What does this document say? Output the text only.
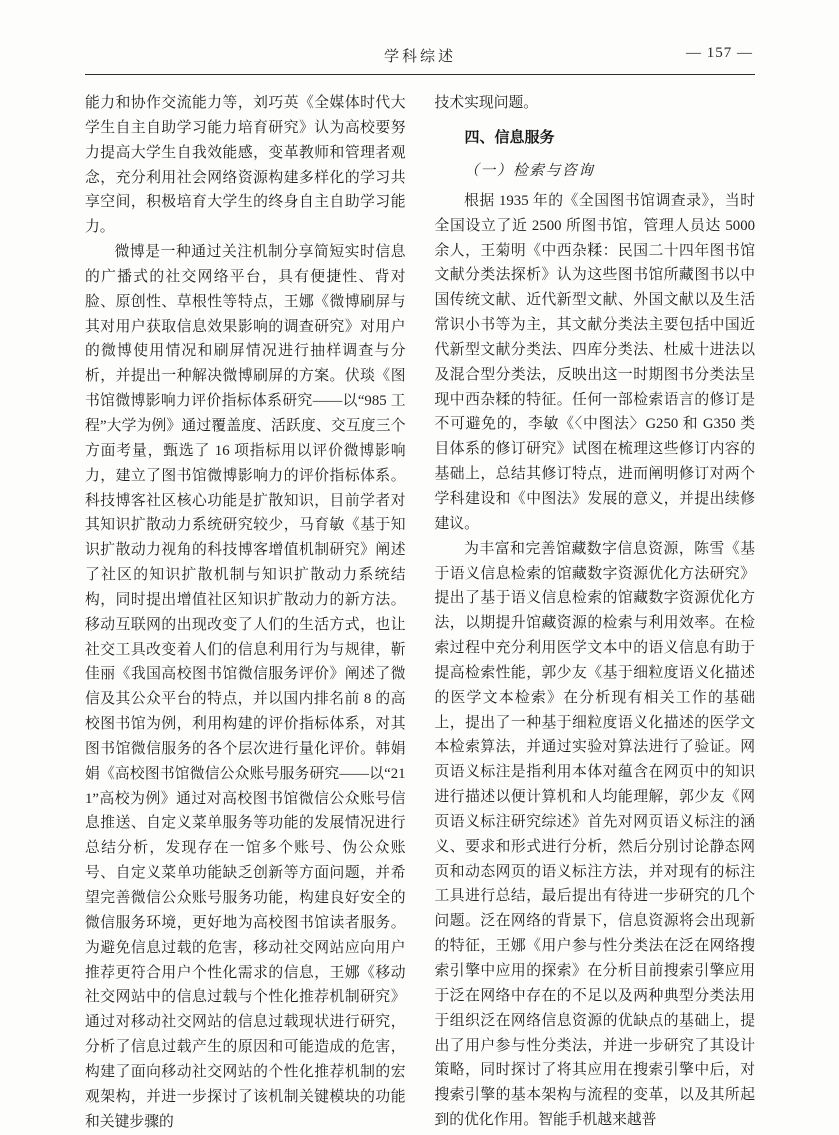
学科综述	— 157 —

能力和协作交流能力等，刘巧英《全媒体时代大学生自主自助学习能力培育研究》认为高校要努力提高大学生自我效能感，变革教师和管理者观念，充分利用社会网络资源构建多样化的学习共享空间，积极培育大学生的终身自主自助学习能力。

微博是一种通过关注机制分享简短实时信息的广播式的社交网络平台，具有便捷性、背对脸、原创性、草根性等特点，王娜《微博刷屏与其对用户获取信息效果影响的调查研究》对用户的微博使用情况和刷屏情况进行抽样调查与分析，并提出一种解决微博刷屏的方案。伏琰《图书馆微博影响力评价指标体系研究——以“985 工程”大学为例》通过覆盖度、活跃度、交互度三个方面考量，甄选了 16 项指标用以评价微博影响力，建立了图书馆微博影响力的评价指标体系。科技博客社区核心功能是扩散知识，目前学者对其知识扩散动力系统研究较少，马育敏《基于知识扩散动力视角的科技博客增值机制研究》阐述了社区的知识扩散机制与知识扩散动力系统结构，同时提出增值社区知识扩散动力的新方法。移动互联网的出现改变了人们的生活方式，也让社交工具改变着人们的信息利用行为与规律，靳佳丽《我国高校图书馆微信服务评价》阐述了微信及其公众平台的特点，并以国内排名前 8 的高校图书馆为例，利用构建的评价指标体系，对其图书馆微信服务的各个层次进行量化评价。韩娟娟《高校图书馆微信公众账号服务研究——以“211”高校为例》通过对高校图书馆微信公众账号信息推送、自定义菜单服务等功能的发展情况进行总结分析，发现存在一馆多个账号、伪公众账号、自定义菜单功能缺乏创新等方面问题，并希望完善微信公众账号服务功能，构建良好安全的微信服务环境，更好地为高校图书馆读者服务。为避免信息过载的危害，移动社交网站应向用户推荐更符合用户个性化需求的信息，王娜《移动社交网站中的信息过载与个性化推荐机制研究》通过对移动社交网站的信息过载现状进行研究，分析了信息过载产生的原因和可能造成的危害，构建了面向移动社交网站的个性化推荐机制的宏观架构，并进一步探讨了该机制关键模块的功能和关键步骤的

技术实现问题。

四、信息服务

（一）检索与咨询

根据 1935 年的《全国图书馆调查录》，当时全国设立了近 2500 所图书馆，管理人员达 5000 余人，王菊明《中西杂糅：民国二十四年图书馆文献分类法探析》认为这些图书馆所藏图书以中国传统文献、近代新型文献、外国文献以及生活常识小书等为主，其文献分类法主要包括中国近代新型文献分类法、四库分类法、杜威十进法以及混合型分类法，反映出这一时期图书分类法呈现中西杂糅的特征。任何一部检索语言的修订是不可避免的，李敏《〈中图法〉G250 和 G350 类目体系的修订研究》试图在梳理这些修订内容的基础上，总结其修订特点，进而阐明修订对两个学科建设和《中图法》发展的意义，并提出续修建议。

为丰富和完善馆藏数字信息资源，陈雪《基于语义信息检索的馆藏数字资源优化方法研究》提出了基于语义信息检索的馆藏数字资源优化方法，以期提升馆藏资源的检索与利用效率。在检索过程中充分利用医学文本中的语义信息有助于提高检索性能，郭少友《基于细粒度语义化描述的医学文本检索》在分析现有相关工作的基础上，提出了一种基于细粒度语义化描述的医学文本检索算法，并通过实验对算法进行了验证。网页语义标注是指利用本体对蕴含在网页中的知识进行描述以便计算机和人均能理解，郭少友《网页语义标注研究综述》首先对网页语义标注的涵义、要求和形式进行分析，然后分别讨论静态网页和动态网页的语义标注方法，并对现有的标注工具进行总结，最后提出有待进一步研究的几个问题。泛在网络的背景下，信息资源将会出现新的特征，王娜《用户参与性分类法在泛在网络搜索引擎中应用的探索》在分析目前搜索引擎应用于泛在网络中存在的不足以及两种典型分类法用于组织泛在网络信息资源的优缺点的基础上，提出了用户参与性分类法，并进一步研究了其设计策略，同时探讨了将其应用在搜索引擎中后，对搜索引擎的基本架构与流程的变革，以及其所起到的优化作用。智能手机越来越普
